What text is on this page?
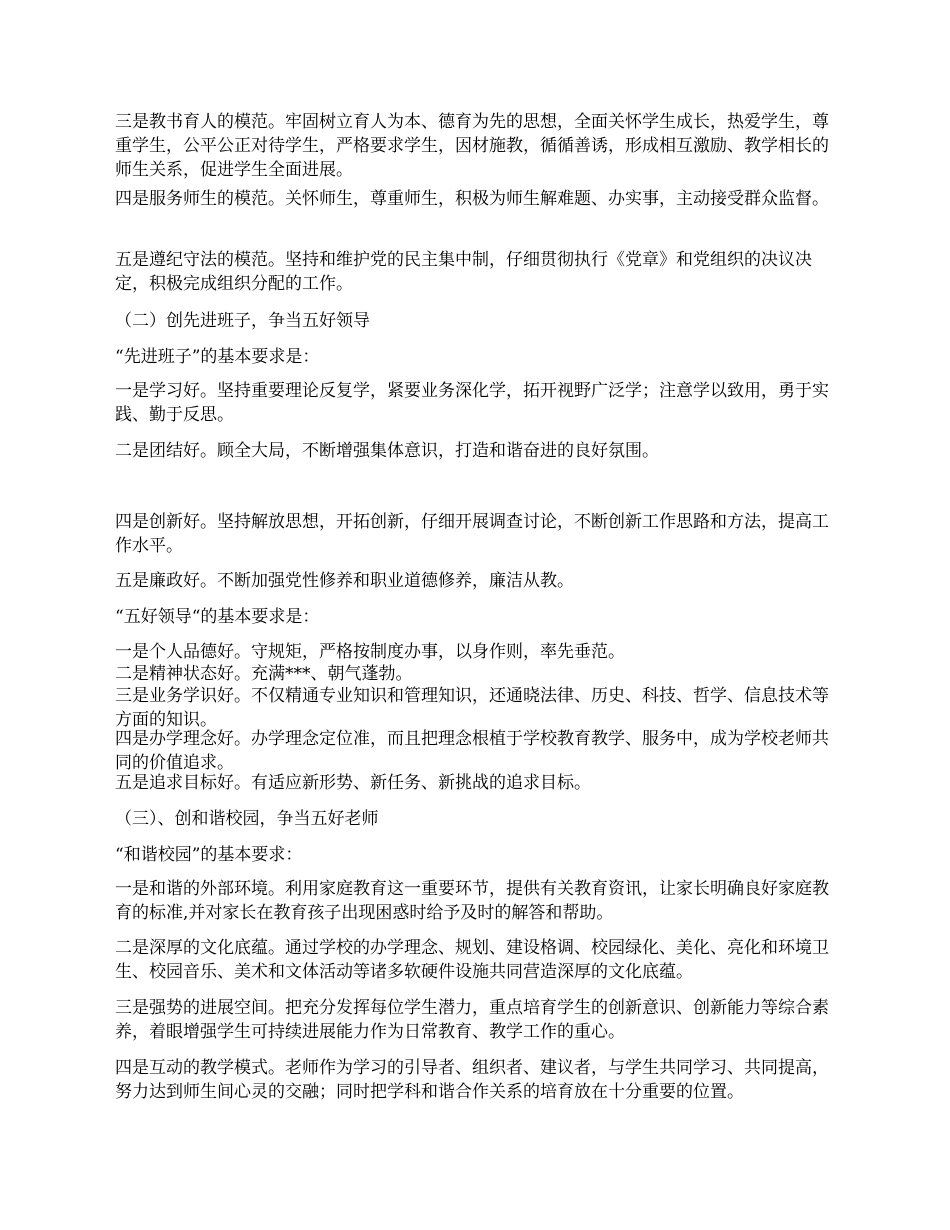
三是教书育人的模范。牢固树立育人为本、德育为先的思想，全面关怀学生成长，热爱学生，尊重学生，公平公正对待学生，严格要求学生，因材施教，循循善诱，形成相互激励、教学相长的师生关系，促进学生全面进展。
四是服务师生的模范。关怀师生，尊重师生，积极为师生解难题、办实事，主动接受群众监督。
五是遵纪守法的模范。坚持和维护党的民主集中制，仔细贯彻执行《党章》和党组织的决议决定，积极完成组织分配的工作。
（二）创先进班子，争当五好领导
“先进班子”的基本要求是：
一是学习好。坚持重要理论反复学，紧要业务深化学，拓开视野广泛学；注意学以致用，勇于实践、勤于反思。
二是团结好。顾全大局，不断增强集体意识，打造和谐奋进的良好氛围。
四是创新好。坚持解放思想，开拓创新，仔细开展调查讨论，不断创新工作思路和方法，提高工作水平。
五是廉政好。不断加强党性修养和职业道德修养，廉洁从教。
“五好领导“的基本要求是：
一是个人品德好。守规矩，严格按制度办事，以身作则，率先垂范。
二是精神状态好。充满***、朝气蓬勃。
三是业务学识好。不仅精通专业知识和管理知识，还通晓法律、历史、科技、哲学、信息技术等方面的知识。
四是办学理念好。办学理念定位准，而且把理念根植于学校教育教学、服务中，成为学校老师共同的价值追求。
五是追求目标好。有适应新形势、新任务、新挑战的追求目标。
（三）、创和谐校园，争当五好老师
“和谐校园”的基本要求：
一是和谐的外部环境。利用家庭教育这一重要环节，提供有关教育资讯，让家长明确良好家庭教育的标准,并对家长在教育孩子出现困惑时给予及时的解答和帮助。
二是深厚的文化底蕴。通过学校的办学理念、规划、建设格调、校园绿化、美化、亮化和环境卫生、校园音乐、美术和文体活动等诸多软硬件设施共同营造深厚的文化底蕴。
三是强势的进展空间。把充分发挥每位学生潜力，重点培育学生的创新意识、创新能力等综合素养，着眼增强学生可持续进展能力作为日常教育、教学工作的重心。
四是互动的教学模式。老师作为学习的引导者、组织者、建议者，与学生共同学习、共同提高，努力达到师生间心灵的交融；同时把学科和谐合作关系的培育放在十分重要的位置。
